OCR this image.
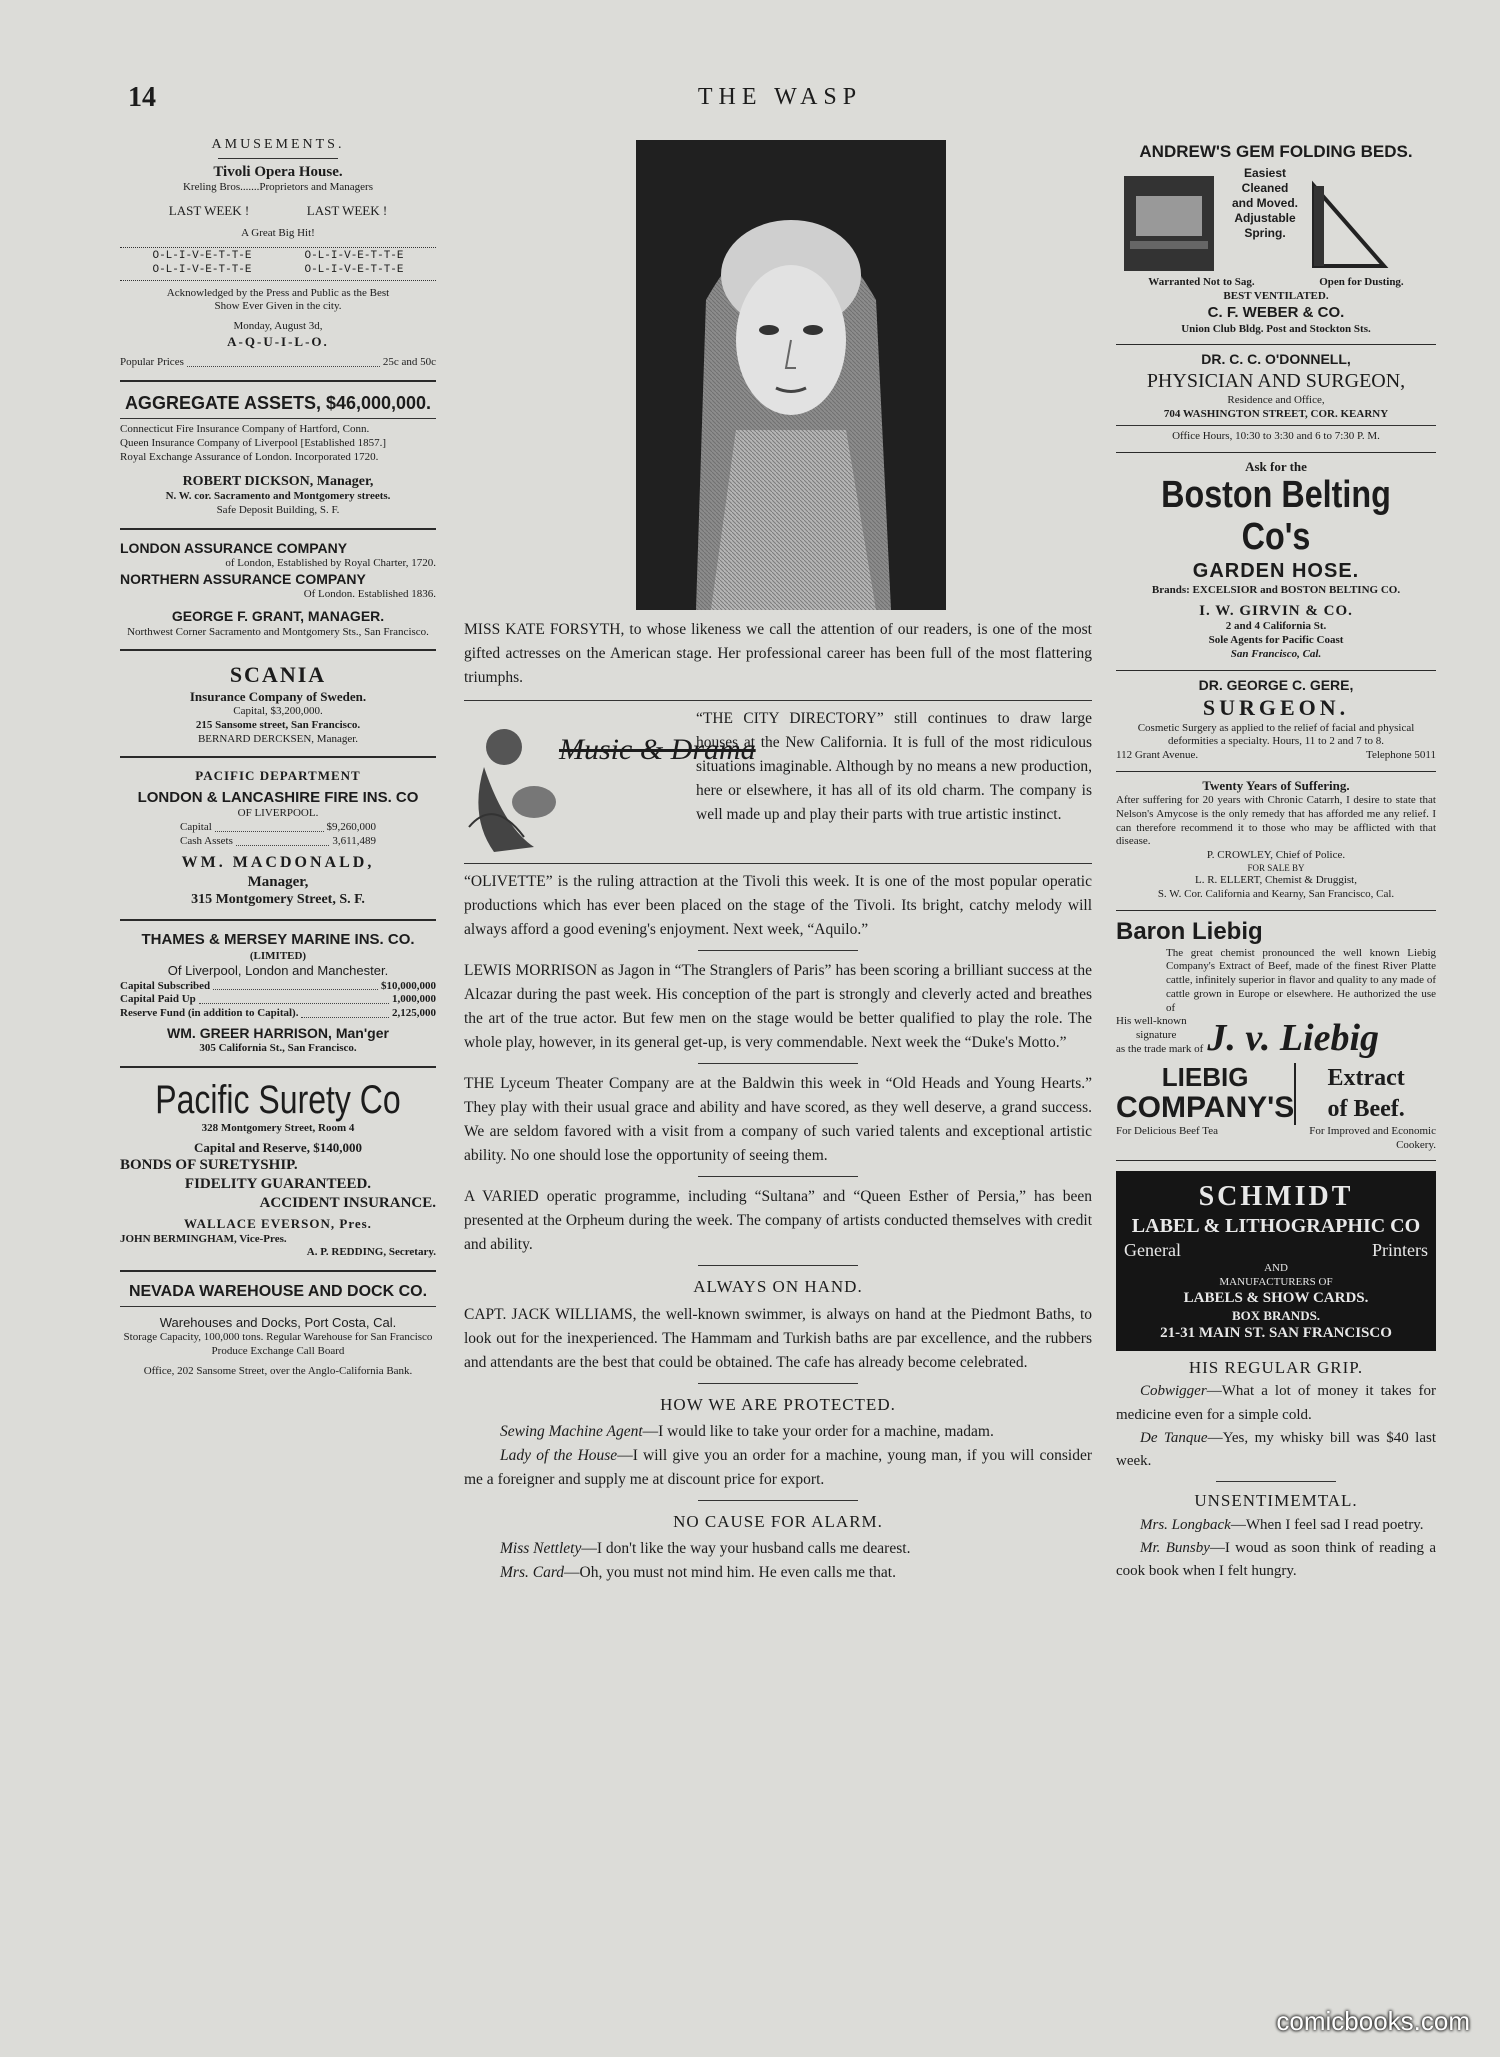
14	THE WASP
AMUSEMENTS.
Tivoli Opera House.
Kreling Bros.......Proprietors and Managers
LAST WEEK !	LAST WEEK !
A Great Big Hit!
O-L-I-V-E-T-T-E	O-L-I-V-E-T-T-E
O-L-I-V-E-T-T-E	O-L-I-V-E-T-T-E
Acknowledged by the Press and Public as the Best Show Ever Given in the city.
Monday, August 3d,
A-Q-U-I-L-O.
Popular Prices	25c and 50c
AGGREGATE ASSETS, $46,000,000.
Connecticut Fire Insurance Company of Hartford, Conn.
Queen Insurance Company of Liverpool [Established 1857.]
Royal Exchange Assurance of London. Incorporated 1720.
ROBERT DICKSON, Manager,
N. W. cor. Sacramento and Montgomery streets.
Safe Deposit Building, S. F.
LONDON ASSURANCE COMPANY
of London, Established by Royal Charter, 1720.
NORTHERN ASSURANCE COMPANY
Of London. Established 1836.
GEORGE F. GRANT, MANAGER.
Northwest Corner Sacramento and Montgomery Sts., San Francisco.
SCANIA
Insurance Company of Sweden.
Capital, $3,200,000.
215 Sansome street, San Francisco.
BERNARD DERCKSEN, Manager.
PACIFIC DEPARTMENT
LONDON & LANCASHIRE FIRE INS. CO
OF LIVERPOOL.
Capital	$9,260,000
Cash Assets	3,611,489
WM. MACDONALD,
Manager,
315 Montgomery Street, S. F.
THAMES & MERSEY MARINE INS. CO.
(LIMITED)
Of Liverpool, London and Manchester.
Capital Subscribed	$10,000,000
Capital Paid Up	1,000,000
Reserve Fund (in addition to Capital).	2,125,000
WM. GREER HARRISON, Man'ger
305 California St., San Francisco.
Pacific Surety Co
328 Montgomery Street, Room 4
Capital and Reserve, $140,000
BONDS OF SURETYSHIP.
FIDELITY GUARANTEED.
ACCIDENT INSURANCE.
WALLACE EVERSON, Pres.
JOHN BERMINGHAM, Vice-Pres.
A. P. REDDING, Secretary.
NEVADA WAREHOUSE AND DOCK CO.
Warehouses and Docks, Port Costa, Cal.
Storage Capacity, 100,000 tons. Regular Warehouse for San Francisco Produce Exchange Call Board
Office, 202 Sansome Street, over the Anglo-California Bank.

MISS KATE FORSYTH, to whose likeness we call the attention of our readers, is one of the most gifted actresses on the American stage. Her professional career has been full of the most flattering triumphs.

Music & Drama

“THE CITY DIRECTORY” still continues to draw large houses at the New California. It is full of the most ridiculous situations imaginable. Although by no means a new production, here or elsewhere, it has all of its old charm. The company is well made up and play their parts with true artistic instinct.

“OLIVETTE” is the ruling attraction at the Tivoli this week. It is one of the most popular operatic productions which has ever been placed on the stage of the Tivoli. Its bright, catchy melody will always afford a good evening's enjoyment. Next week, “Aquilo.”

LEWIS MORRISON as Jagon in “The Stranglers of Paris” has been scoring a brilliant success at the Alcazar during the past week. His conception of the part is strongly and cleverly acted and breathes the art of the true actor. But few men on the stage would be better qualified to play the role. The whole play, however, in its general get-up, is very commendable. Next week the “Duke's Motto.”

THE Lyceum Theater Company are at the Baldwin this week in “Old Heads and Young Hearts.” They play with their usual grace and ability and have scored, as they well deserve, a grand success. We are seldom favored with a visit from a company of such varied talents and exceptional artistic ability. No one should lose the opportunity of seeing them.

A VARIED operatic programme, including “Sultana” and “Queen Esther of Persia,” has been presented at the Orpheum during the week. The company of artists conducted themselves with credit and ability.

ALWAYS ON HAND.

CAPT. JACK WILLIAMS, the well-known swimmer, is always on hand at the Piedmont Baths, to look out for the inexperienced. The Hammam and Turkish baths are par excellence, and the rubbers and attendants are the best that could be obtained. The cafe has already become celebrated.

HOW WE ARE PROTECTED.

Sewing Machine Agent—I would like to take your order for a machine, madam.

Lady of the House—I will give you an order for a machine, young man, if you will consider me a foreigner and supply me at discount price for export.

NO CAUSE FOR ALARM.

Miss Nettlety—I don't like the way your husband calls me dearest.

Mrs. Card—Oh, you must not mind him. He even calls me that.

ANDREW'S GEM FOLDING BEDS.
Easiest
Cleaned
and Moved.
Adjustable
Spring.
Warranted Not to Sag.	Open for Dusting.
BEST VENTILATED.
C. F. WEBER & CO.
Union Club Bldg. Post and Stockton Sts.
DR. C. C. O'DONNELL,
PHYSICIAN AND SURGEON,
Residence and Office,
704 WASHINGTON STREET, COR. KEARNY
Office Hours, 10:30 to 3:30 and 6 to 7:30 P. M.
Ask for the
Boston Belting Co's
GARDEN HOSE.
Brands: EXCELSIOR and BOSTON BELTING CO.
I. W. GIRVIN & CO.
2 and 4 California St.
Sole Agents for Pacific Coast
San Francisco, Cal.
DR. GEORGE C. GERE,
SURGEON.
Cosmetic Surgery as applied to the relief of facial and physical deformities a specialty. Hours, 11 to 2 and 7 to 8.
112 Grant Avenue.	Telephone 5011
Twenty Years of Suffering.
After suffering for 20 years with Chronic Catarrh, I desire to state that Nelson's Amycose is the only remedy that has afforded me any relief. I can therefore recommend it to those who may be afflicted with that disease.
P. CROWLEY, Chief of Police.
FOR SALE BY
L. R. ELLERT, Chemist & Druggist,
S. W. Cor. California and Kearny, San Francisco, Cal.
Baron Liebig
The great chemist pronounced the well known Liebig Company's Extract of Beef, made of the finest River Platte cattle, infinitely superior in flavor and quality to any made of cattle grown in Europe or elsewhere. He authorized the use of
His well-known
signature
as the trade mark of J. v. Liebig
LIEBIG
COMPANY'S
Extract
of Beef.
For Delicious Beef Tea	For Improved and Economic Cookery.
SCHMIDT
LABEL & LITHOGRAPHIC CO
General	Printers
AND
MANUFACTURERS OF
LABELS & SHOW CARDS.
BOX BRANDS.
21-31 MAIN ST. SAN FRANCISCO
HIS REGULAR GRIP.

Cobwigger—What a lot of money it takes for medicine even for a simple cold.

De Tanque—Yes, my whisky bill was $40 last week.

UNSENTIMEMTAL.

Mrs. Longback—When I feel sad I read poetry.

Mr. Bunsby—I woud as soon think of reading a cook book when I felt hungry.

comicbooks.com
